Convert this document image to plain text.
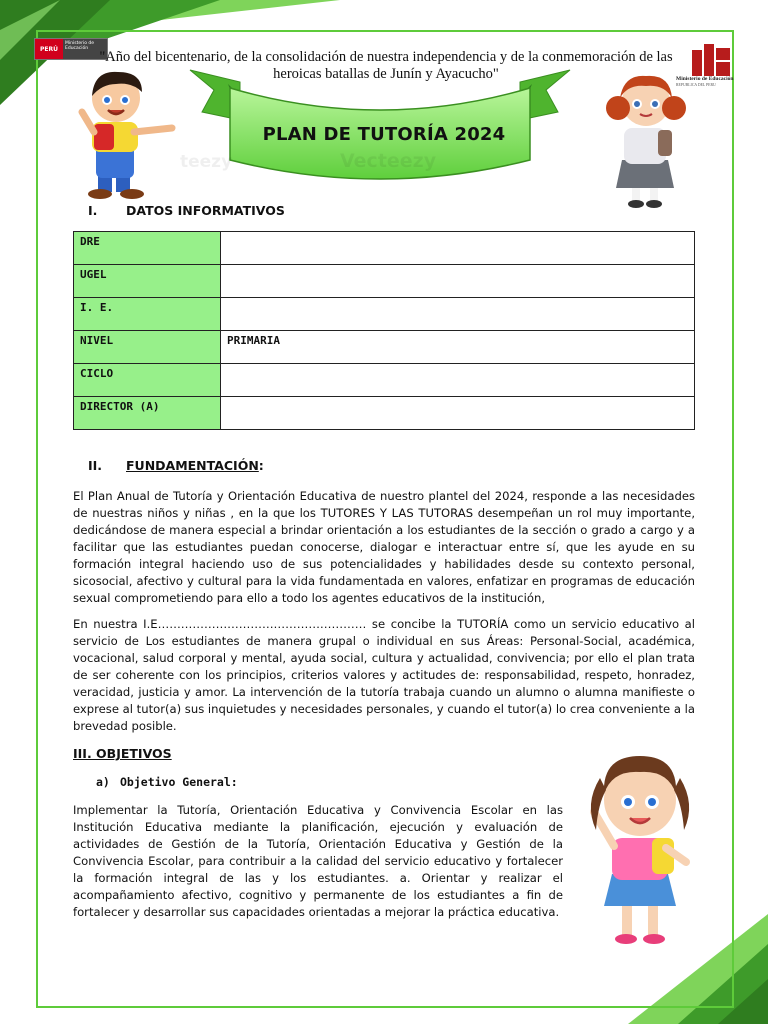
PERÚ
Ministerio de Educación
Ministerio de Educación
REPÚBLICA DEL PERÚ
PLAN DE TUTORÍA 2024
teezy	Vecteezy
"Año del bicentenario, de la consolidación de nuestra independencia y de la conmemoración de las
heroicas batallas de Junín y Ayacucho"
I. DATOS INFORMATIVOS
DRE	
UGEL	
I. E.	
NIVEL	PRIMARIA
CICLO	
DIRECTOR (A)	
II. FUNDAMENTACIÓN:
El Plan Anual de Tutoría y Orientación Educativa de nuestro plantel del 2024, responde a las necesidades de nuestras niños y niñas , en la que los TUTORES Y LAS TUTORAS desempeñan un rol muy importante, dedicándose de manera especial a brindar orientación a los estudiantes de la sección o grado a cargo y a facilitar que las estudiantes puedan conocerse, dialogar e interactuar entre sí, que les ayude en su formación integral haciendo uso de sus potencialidades y habilidades desde su contexto personal, sicosocial, afectivo y cultural para la vida fundamentada en valores, enfatizar en programas de educación sexual comprometiendo para ello a todo los agentes educativos de la institución,
En nuestra I.E……………………………………………… se concibe la TUTORÍA como un servicio educativo al servicio de Los estudiantes de manera grupal o individual en sus Áreas: Personal-Social, académica, vocacional, salud corporal y mental, ayuda social, cultura y actualidad, convivencia; por ello el plan trata de ser coherente con los principios, criterios valores y actitudes de: responsabilidad, respeto, honradez, veracidad, justicia y amor. La intervención de la tutoría trabaja cuando un alumno o alumna manifieste o exprese al tutor(a) sus inquietudes y necesidades personales, y cuando el tutor(a) lo crea conveniente a la brevedad posible.
III. OBJETIVOS
a) Objetivo General:
Implementar la Tutoría, Orientación Educativa y Convivencia Escolar en las Institución Educativa mediante la planificación, ejecución y evaluación de actividades de Gestión de la Tutoría, Orientación Educativa y Gestión de la Convivencia Escolar, para contribuir a la calidad del servicio educativo y fortalecer la formación integral de las y los estudiantes. a. Orientar y realizar el acompañamiento afectivo, cognitivo y permanente de los estudiantes a fin de fortalecer y desarrollar sus capacidades orientadas a mejorar la práctica educativa.
